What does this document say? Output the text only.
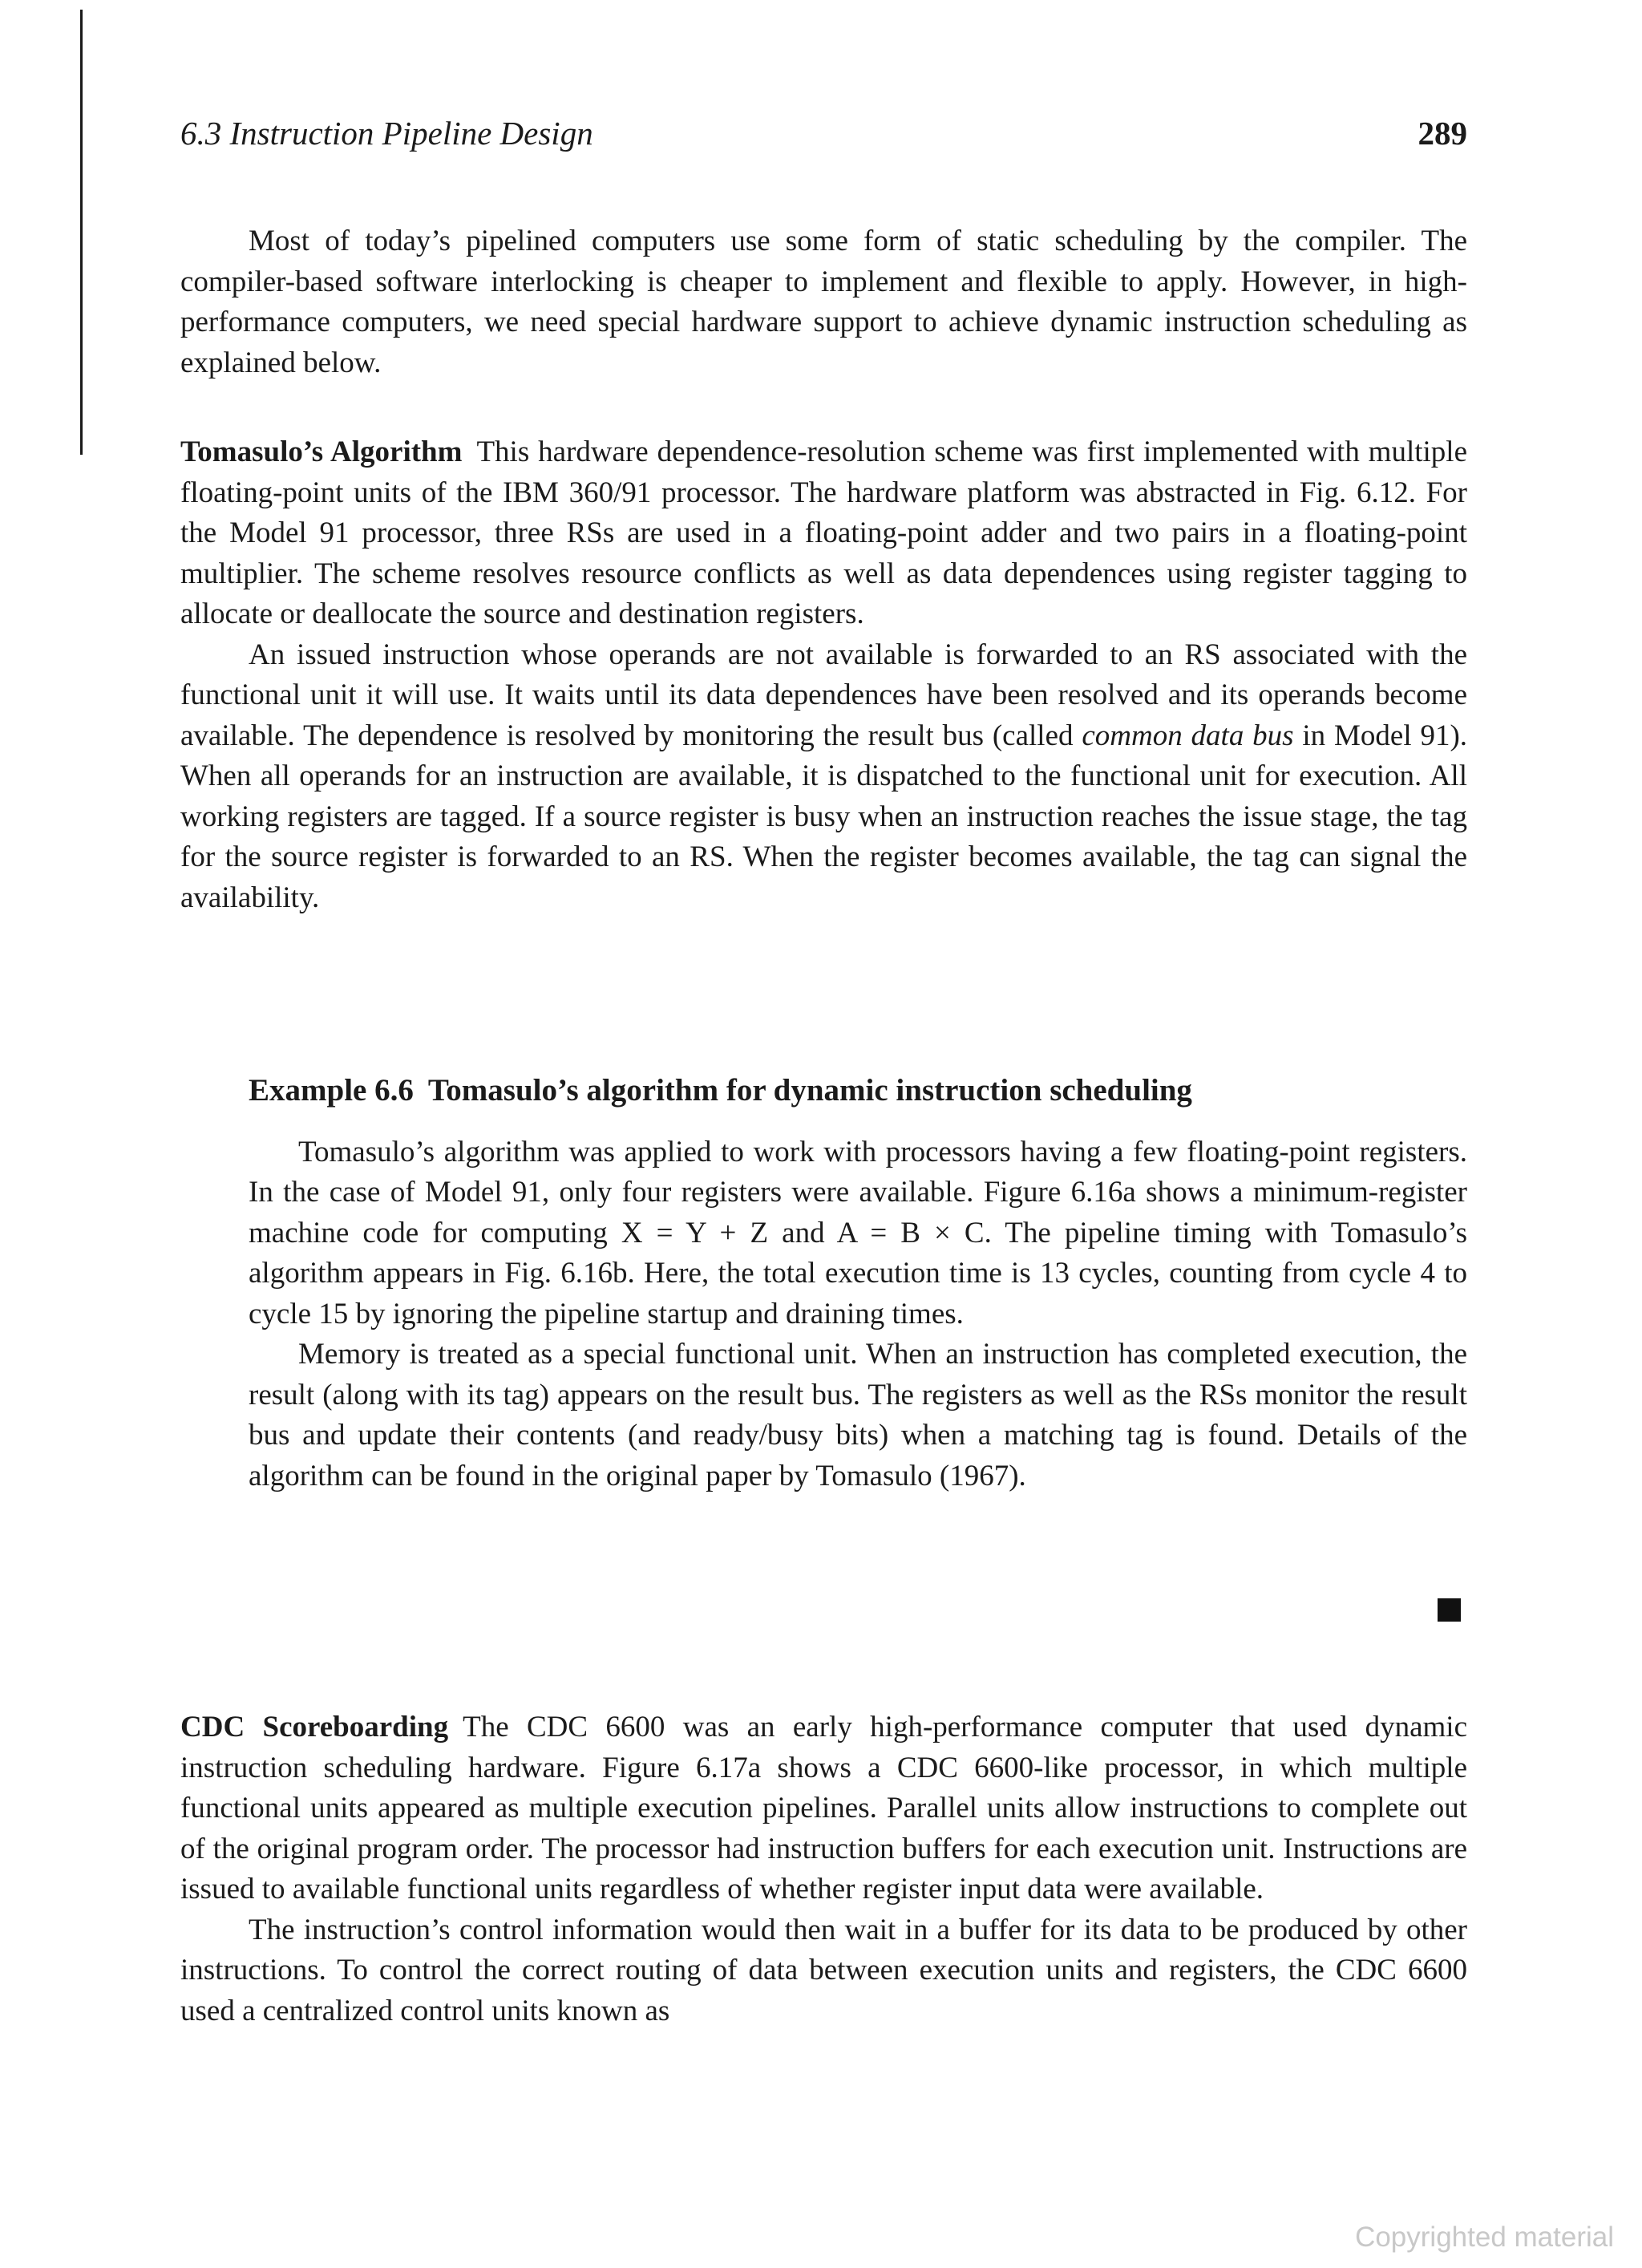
6.3 Instruction Pipeline Design	289

Most of today’s pipelined computers use some form of static scheduling by the compiler. The compiler-based software interlocking is cheaper to implement and flexible to apply. However, in high-performance computers, we need special hardware support to achieve dynamic instruction scheduling as explained below.

Tomasulo’s Algorithm This hardware dependence-resolution scheme was first implemented with multiple floating-point units of the IBM 360/91 processor. The hardware platform was abstracted in Fig. 6.12. For the Model 91 processor, three RSs are used in a floating-point adder and two pairs in a floating-point multiplier. The scheme resolves resource conflicts as well as data dependences using register tagging to allocate or deallocate the source and destination registers.

An issued instruction whose operands are not available is forwarded to an RS associated with the functional unit it will use. It waits until its data dependences have been resolved and its operands become available. The dependence is resolved by monitoring the result bus (called common data bus in Model 91). When all operands for an instruction are available, it is dispatched to the functional unit for execution. All working registers are tagged. If a source register is busy when an instruction reaches the issue stage, the tag for the source register is forwarded to an RS. When the register becomes available, the tag can signal the availability.

Example 6.6 Tomasulo’s algorithm for dynamic instruction scheduling

Tomasulo’s algorithm was applied to work with processors having a few floating-point registers. In the case of Model 91, only four registers were available. Figure 6.16a shows a minimum-register machine code for computing X = Y + Z and A = B × C. The pipeline timing with Tomasulo’s algorithm appears in Fig. 6.16b. Here, the total execution time is 13 cycles, counting from cycle 4 to cycle 15 by ignoring the pipeline startup and draining times.

Memory is treated as a special functional unit. When an instruction has completed execution, the result (along with its tag) appears on the result bus. The registers as well as the RSs monitor the result bus and update their contents (and ready/busy bits) when a matching tag is found. Details of the algorithm can be found in the original paper by Tomasulo (1967).

CDC Scoreboarding The CDC 6600 was an early high-performance computer that used dynamic instruction scheduling hardware. Figure 6.17a shows a CDC 6600-like processor, in which multiple functional units appeared as multiple execution pipelines. Parallel units allow instructions to complete out of the original program order. The processor had instruction buffers for each execution unit. Instructions are issued to available functional units regardless of whether register input data were available.

The instruction’s control information would then wait in a buffer for its data to be produced by other instructions. To control the correct routing of data between execution units and registers, the CDC 6600 used a centralized control units known as

Copyrighted material
